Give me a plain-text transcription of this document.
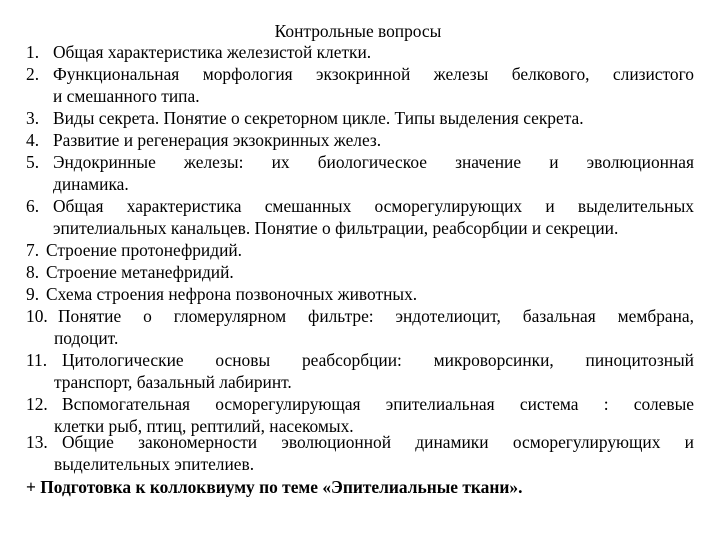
Контрольные вопросы
1. Общая характеристика железистой клетки.
2. Функциональная морфология экзокринной железы белкового, слизистого
и смешанного типа.
3. Виды секрета. Понятие о секреторном цикле. Типы выделения секрета.
4. Развитие и регенерация экзокринных желез.
5. Эндокринные железы: их биологическое значение и эволюционная
динамика.
6. Общая характеристика смешанных осморегулирующих и выделительных
эпителиальных канальцев. Понятие о фильтрации, реабсорбции и секреции.
7. Строение протонефридий.
8. Строение метанефридий.
9. Схема строения нефрона позвоночных животных.
10. Понятие о гломерулярном фильтре: эндотелиоцит, базальная мембрана,
подоцит.
11. Цитологические основы реабсорбции: микроворсинки, пиноцитозный
транспорт, базальный лабиринт.
12. Вспомогательная осморегулирующая эпителиальная система : солевые
клетки рыб, птиц, рептилий, насекомых.
13. Общие закономерности эволюционной динамики осморегулирующих и
выделительных эпителиев.
+ Подготовка к коллоквиуму по теме «Эпителиальные ткани».
